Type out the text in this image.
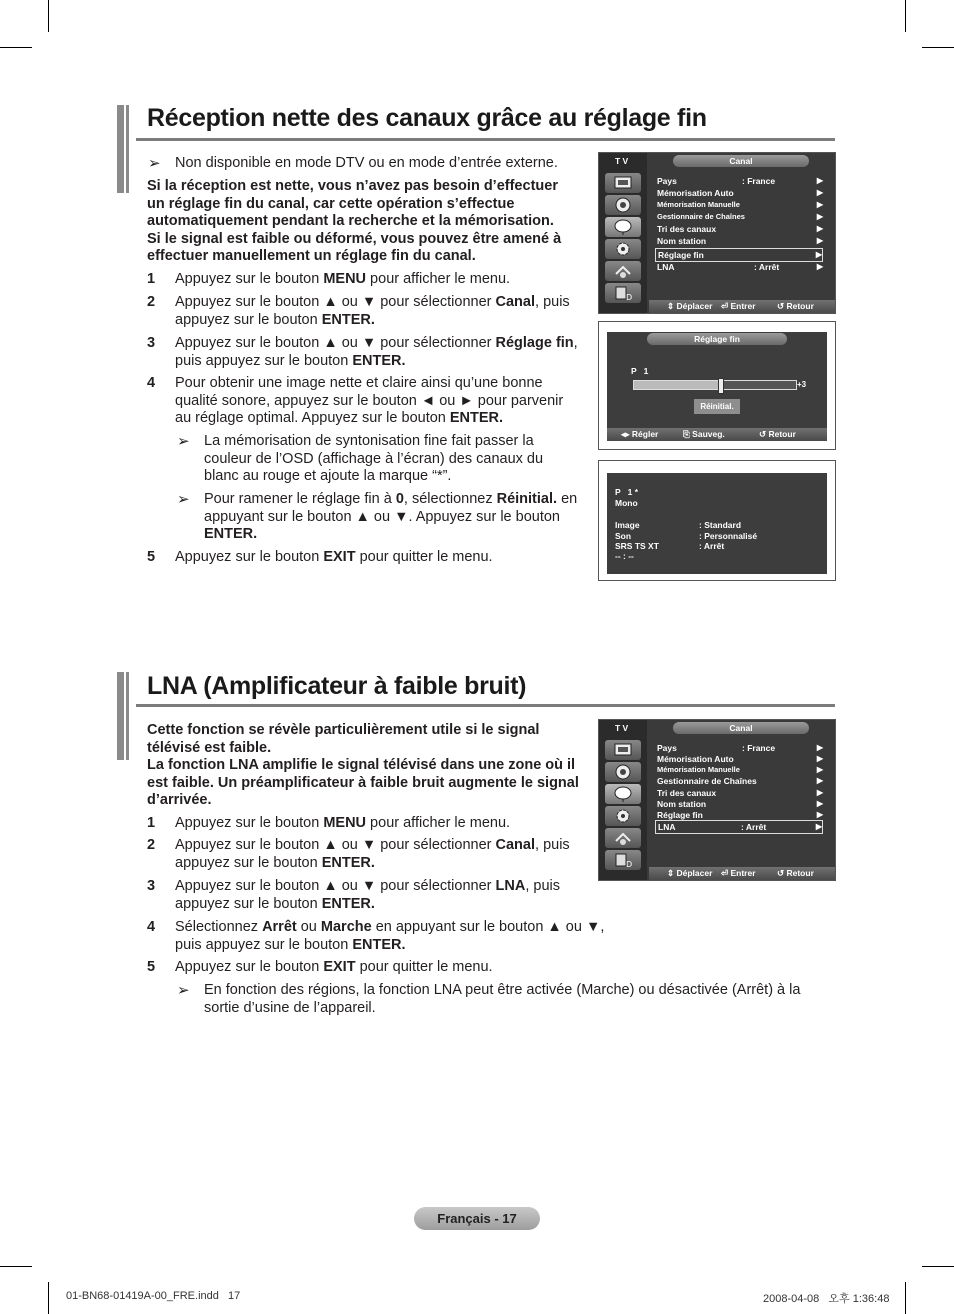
Réception nette des canaux grâce au réglage fin
➢ Non disponible en mode DTV ou en mode d’entrée externe.
Si la réception est nette, vous n’avez pas besoin d’effectuer
un réglage fin du canal, car cette opération s’effectue
automatiquement pendant la recherche et la mémorisation.
Si le signal est faible ou déformé, vous pouvez être amené à
effectuer manuellement un réglage fin du canal.
1 Appuyez sur le bouton MENU pour afficher le menu.
2 Appuyez sur le bouton ▲ ou ▼ pour sélectionner Canal, puis
appuyez sur le bouton ENTER.
3 Appuyez sur le bouton ▲ ou ▼ pour sélectionner Réglage fin,
puis appuyez sur le bouton ENTER.
4 Pour obtenir une image nette et claire ainsi qu’une bonne
qualité sonore, appuyez sur le bouton ◄ ou ► pour parvenir
au réglage optimal. Appuyez sur le bouton ENTER.
➢ La mémorisation de syntonisation fine fait passer la
couleur de l’OSD (affichage à l’écran) des canaux du
blanc au rouge et ajoute la marque “*”.
➢ Pour ramener le réglage fin à 0, sélectionnez Réinitial. en
appuyant sur le bouton ▲ ou ▼. Appuyez sur le bouton
ENTER.
5 Appuyez sur le bouton EXIT pour quitter le menu.
T V
D
Canal
Pays	: France	▶
Mémorisation Auto	▶
Mémorisation Manuelle	▶
Gestionnaire de Chaînes	▶
Tri des canaux	▶
Nom station	▶
Réglage fin	▶
LNA	: Arrêt	▶
⇕ Déplacer ⏎ Entrer	↺ Retour
Réglage fin
P   1
+3
Réinitial.
◂▸ Régler	⎘ Sauveg.	↺ Retour
P   1 *
Mono
Image	: Standard
Son	: Personnalisé
SRS TS XT	: Arrêt
-- : --
LNA (Amplificateur à faible bruit)
Cette fonction se révèle particulièrement utile si le signal
télévisé est faible.
La fonction LNA amplifie le signal télévisé dans une zone où il
est faible. Un préamplificateur à faible bruit augmente le signal
d’arrivée.
1 Appuyez sur le bouton MENU pour afficher le menu.
2 Appuyez sur le bouton ▲ ou ▼ pour sélectionner Canal, puis
appuyez sur le bouton ENTER.
3 Appuyez sur le bouton ▲ ou ▼ pour sélectionner LNA, puis
appuyez sur le bouton ENTER.
4 Sélectionnez Arrêt ou Marche en appuyant sur le bouton ▲ ou ▼,
puis appuyez sur le bouton ENTER.
5 Appuyez sur le bouton EXIT pour quitter le menu.
➢ En fonction des régions, la fonction LNA peut être activée (Marche) ou désactivée (Arrêt) à la
sortie d’usine de l’appareil.
T V
D
Canal
Pays	: France	▶
Mémorisation Auto	▶
Mémorisation Manuelle	▶
Gestionnaire de Chaînes	▶
Tri des canaux	▶
Nom station	▶
Réglage fin	▶
LNA	: Arrêt	▶
⇕ Déplacer ⏎ Entrer	↺ Retour
Français - 17
01-BN68-01419A-00_FRE.indd   17	2008-04-08   오후 1:36:48
